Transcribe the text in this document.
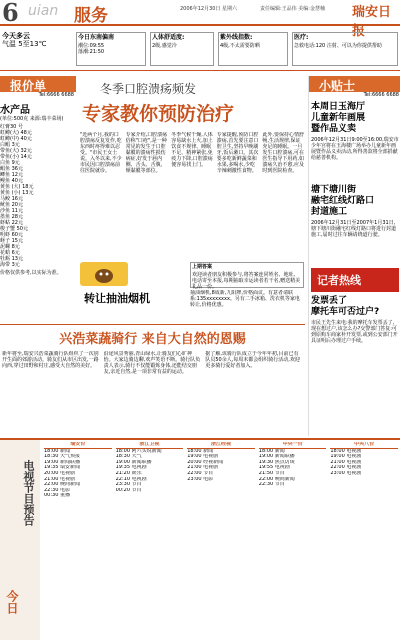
6 uian 服务	2006年12月30日 星期六	责任编辑:王品伟 美编:金慧楠 瑞安日报
今天多云
气温 5至13℃
今日东南偏南
潮位:09:55
落潮:21:50
人体舒适度:
2级,感觉冷
紫外线指数:
4级,不太需要防晒
医疗:
急救电话:120 注射、可以为你提供帮助
报价单
Tel:6666 6688
水产品
(单位:500克 来源:瑞丰菜场)
红膏30 号
虹鳟(大) 48元
虹鳟(中) 40元
白鲳 3元
带鱼(大) 32元
带鱼(小) 14元
白鱼 9元
鲳鱼 36元
鲫鱼 12元
鳗鱼 40元
黄鱼 (大) 18元
黄鱼 (小) 13元
马鲛 16元
鱿鱼 20元
沙鱼 11元
墨鱼 28元
虾蛄 22元
梭子蟹 50元
明虾 60元
蛏子 15元
泥螺 8元
花蛤 6元
牡蛎 13元
海带 3元
价格仅供参考,以实际为准。
冬季口腔溃疡频发
专家教你预防治疗
"近两个月,我的口腔溃疡反复发作,吃东西时疼得难以忍受。"市民王女士说。入冬以来,不少市民因口腔溃疡前往医院就诊。
专家介绍,口腔溃疡俗称"口疮",是一种常见的发生于口腔黏膜的溃疡性损伤病症,好发于唇内侧、舌头、舌腹、颊黏膜等部位。
冬季气候干燥,人体容易缺水上火,加上饮食不规律、睡眠不足、精神紧张,免疫力下降,口腔溃疡便容易找上门。
专家提醒,预防口腔溃疡,首先要注意口腔卫生,坚持早晚刷牙,饭后漱口。其次要多吃新鲜蔬菜和水果,多喝水,少吃辛辣刺激性食物。
此外,要保持心情舒畅,生活规律,保证充足的睡眠。一旦发生口腔溃疡,可在医生指导下用药,如溃疡久治不愈,应及时到医院检查。
上期答案
欢迎读者朋友积极参与,将答案连同姓名、地址、电话寄至本报,每期抽取幸运读者若干名,赠送精美礼品一份。
转让抽油烟机	抽油烟机,8成新,九阳牌,价格面议。有意者请联系:135xxxxxxxx。另有二手冰箱、洗衣机等家电转让,价格优惠。
兴浩菜蔬骑行 来自大自然的恩赐
新年将至,瑞安兴浩菜蔬骑行队组织了一次别开生面的郊游活动。骑友们从市区出发,一路向西,穿过田野和村庄,感受大自然的美好。
沿途风景秀丽,青山绿水,让骑友们心旷神怡。大家边骑边聊,欢声笑语不断。骑行队负责人表示,骑行不仅能锻炼身体,还能结交朋友,亲近自然,是一项非常有益的运动。
据了解,该骑行队成立于今年年初,目前已有队员50余人,每周末都会组织骑行活动,欢迎更多骑行爱好者加入。
小贴士
Tel:6666 6688
本周日玉海厅
儿童新年画展
暨作品义卖
2006年12月31日9:00至16:00,瑞安市少年宫将在玉海楼广场举办儿童新年画展暨作品义卖活动,所得善款将全部捐献给慈善机构。
塘下塘川街
融宅红线灯路口
封道施工
2006年12月31日至2007年1月31日,塘下塘川街融宅红线灯路口将进行封道施工,届时过往车辆请绕道行驶。
记者热线
发票丢了
摩托车可否过户?
市民王先生来电:我的摩托车发票丢了,现在想过户,该怎么办?交警部门答复:可到原购车商家补开发票,或到公安部门开具证明后办理过户手续。
今日
电视节目预告
瑞安台
18:00 新闻
18:30 天气预报
19:00 新闻联播
19:35 瑞安新闻
20:00 电视剧
21:00 电视剧
22:00 晚间新闻
22:30 电影
00:30 重播
浙江卫视
18:00 阿六头说新闻
18:30 天气
19:00 新闻联播
19:35 电视剧
21:20 娱乐
22:10 电视剧
23:30 节目
00:20 节目
浙江经视
18:00 新闻
19:00 电视剧
20:00 经视新闻
21:00 电视剧
22:00 节目
23:00 电影
中央一台
18:00 新闻
19:00 新闻联播
19:30 焦点访谈
19:55 电视剧
21:50 节目
22:00 晚间新闻
22:30 节目
中央八台
18:00 电视剧
19:00 电视剧
21:00 电视剧
22:00 电视剧
23:00 电视剧
